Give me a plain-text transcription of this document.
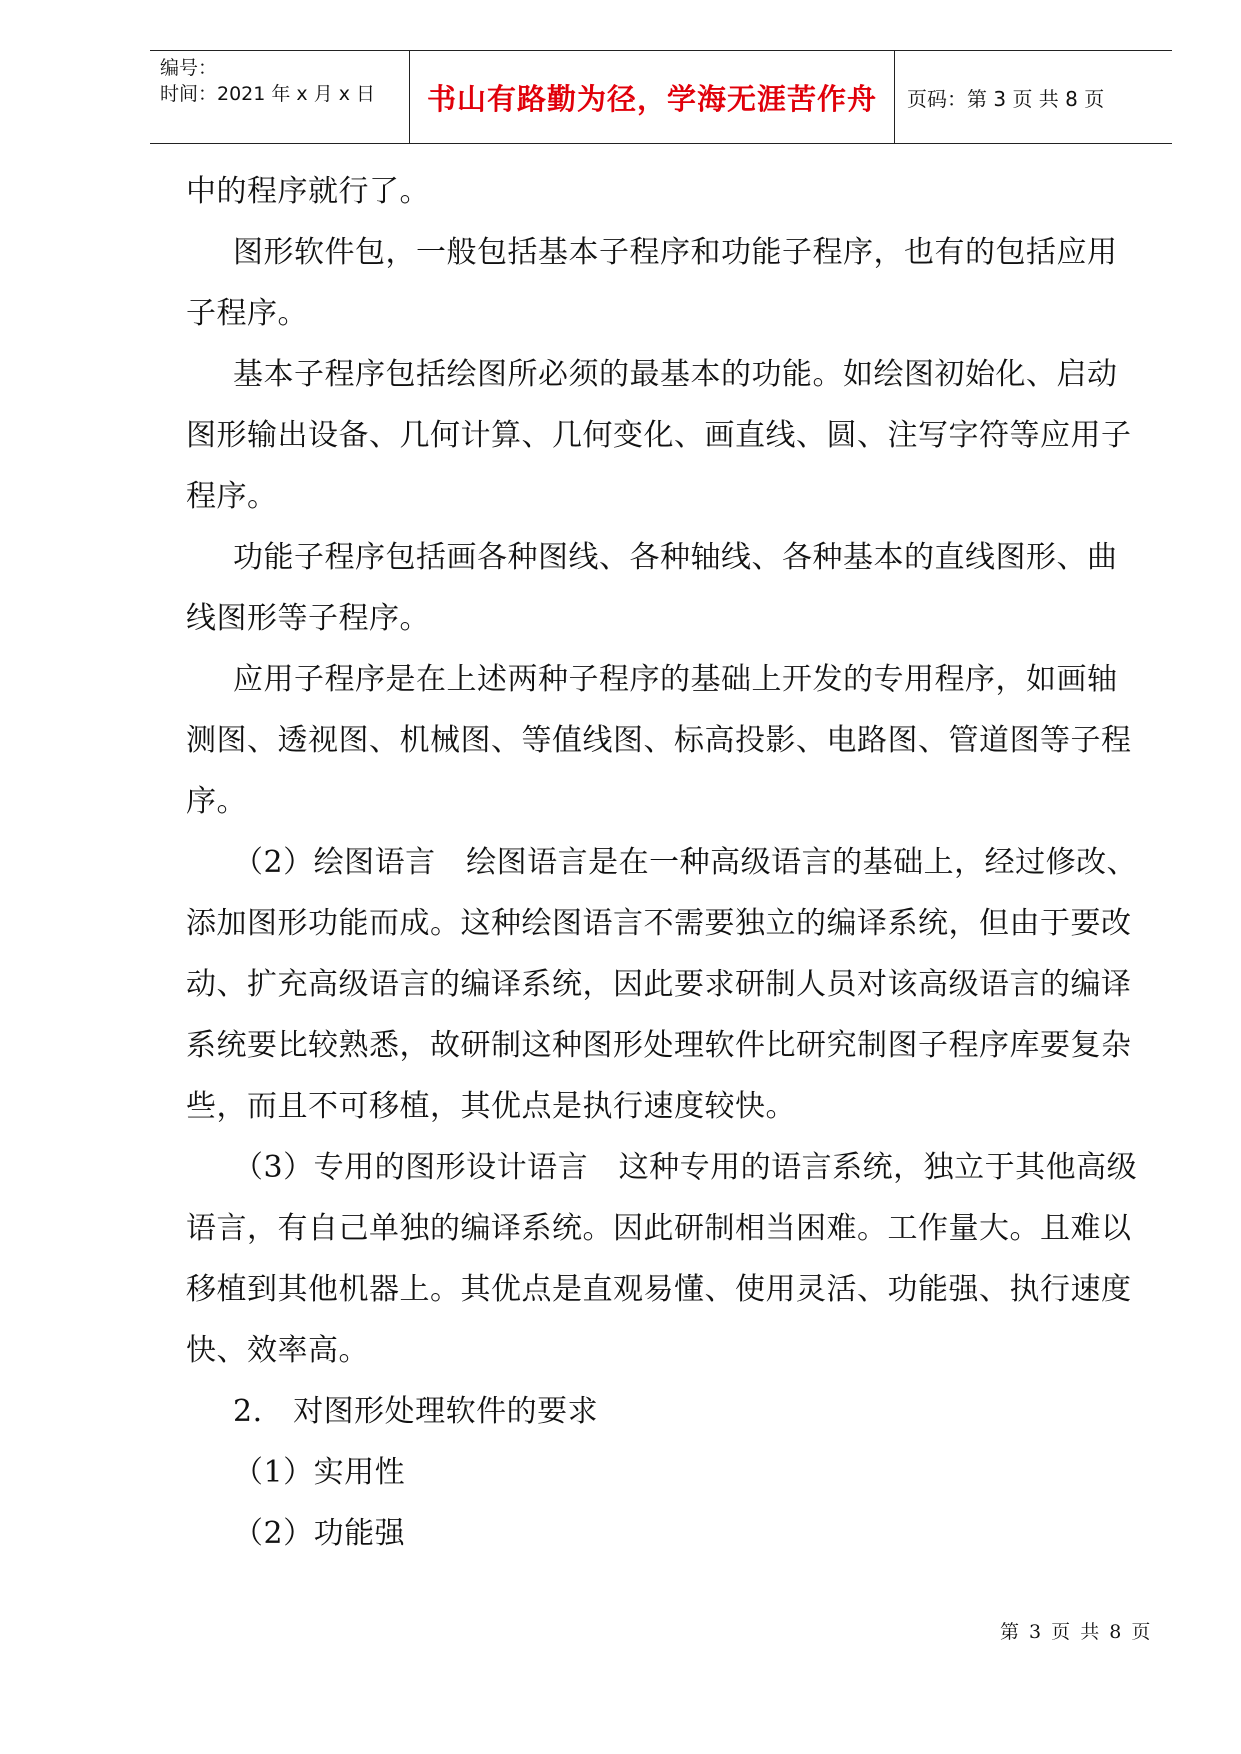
编号：
时间：2021 年 x 月 x 日	书山有路勤为径，学海无涯苦作舟 页码：第 3 页 共 8 页
中的程序就行了。
图形软件包，一般包括基本子程序和功能子程序，也有的包括应用
子程序。
基本子程序包括绘图所必须的最基本的功能。如绘图初始化、启动
图形输出设备、几何计算、几何变化、画直线、圆、注写字符等应用子
程序。
功能子程序包括画各种图线、各种轴线、各种基本的直线图形、曲
线图形等子程序。
应用子程序是在上述两种子程序的基础上开发的专用程序，如画轴
测图、透视图、机械图、等值线图、标高投影、电路图、管道图等子程
序。
（2）绘图语言　绘图语言是在一种高级语言的基础上，经过修改、
添加图形功能而成。这种绘图语言不需要独立的编译系统，但由于要改
动、扩充高级语言的编译系统，因此要求研制人员对该高级语言的编译
系统要比较熟悉，故研制这种图形处理软件比研究制图子程序库要复杂
些，而且不可移植，其优点是执行速度较快。
（3）专用的图形设计语言　这种专用的语言系统，独立于其他高级
语言，有自己单独的编译系统。因此研制相当困难。工作量大。且难以
移植到其他机器上。其优点是直观易懂、使用灵活、功能强、执行速度
快、效率高。
2.　对图形处理软件的要求
（1）实用性
（2）功能强
第 3 页 共 8 页
